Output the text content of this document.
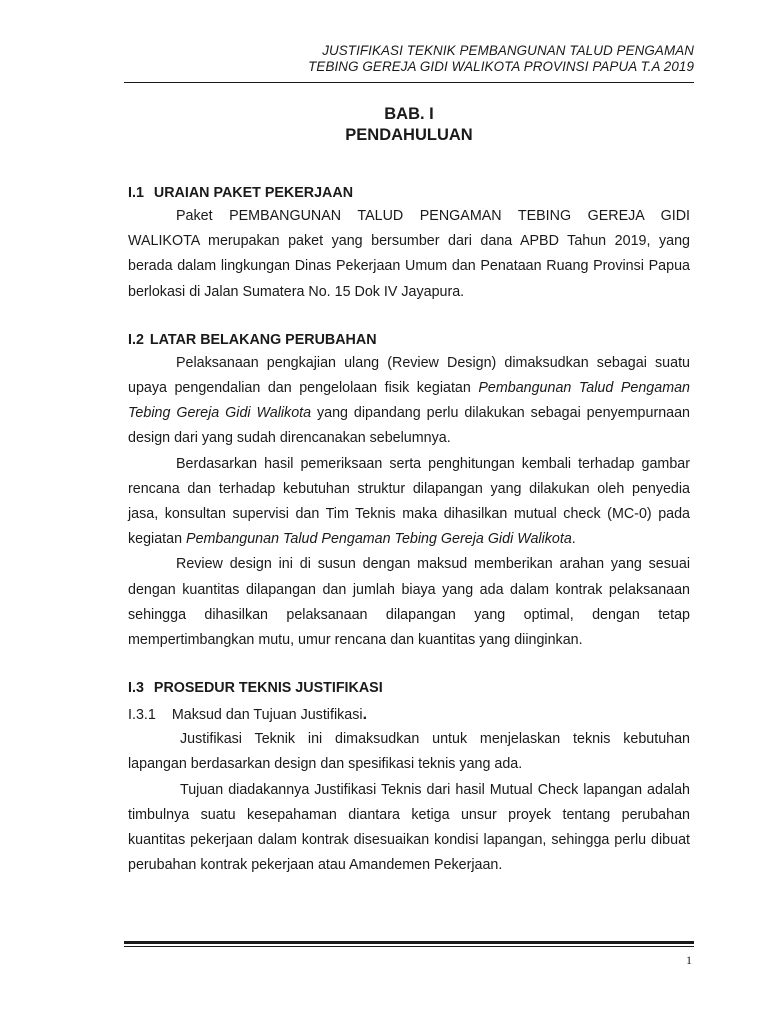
JUSTIFIKASI TEKNIK PEMBANGUNAN TALUD PENGAMAN
TEBING GEREJA GIDI WALIKOTA PROVINSI PAPUA T.A 2019
BAB. I
PENDAHULUAN
I.1 URAIAN PAKET PEKERJAAN

Paket PEMBANGUNAN TALUD PENGAMAN TEBING GEREJA GIDI WALIKOTA merupakan paket yang bersumber dari dana APBD Tahun 2019, yang berada dalam lingkungan Dinas Pekerjaan Umum dan Penataan Ruang Provinsi Papua berlokasi di Jalan Sumatera No. 15 Dok IV Jayapura.

I.2 LATAR BELAKANG PERUBAHAN

Pelaksanaan pengkajian ulang (Review Design) dimaksudkan sebagai suatu upaya pengendalian dan pengelolaan fisik kegiatan Pembangunan Talud Pengaman Tebing Gereja Gidi Walikota yang dipandang perlu dilakukan sebagai penyempurnaan design dari yang sudah direncanakan sebelumnya.

Berdasarkan hasil pemeriksaan serta penghitungan kembali terhadap gambar rencana dan terhadap kebutuhan struktur dilapangan yang dilakukan oleh penyedia jasa, konsultan supervisi dan Tim Teknis maka dihasilkan mutual check (MC-0) pada kegiatan Pembangunan Talud Pengaman Tebing Gereja Gidi Walikota.

Review design ini di susun dengan maksud memberikan arahan yang sesuai dengan kuantitas dilapangan dan jumlah biaya yang ada dalam kontrak pelaksanaan sehingga dihasilkan pelaksanaan dilapangan yang optimal, dengan tetap mempertimbangkan mutu, umur rencana dan kuantitas yang diinginkan.

I.3 PROSEDUR TEKNIS JUSTIFIKASI
I.3.1 Maksud dan Tujuan Justifikasi.

Justifikasi Teknik ini dimaksudkan untuk menjelaskan teknis kebutuhan lapangan berdasarkan design dan spesifikasi teknis yang ada.

Tujuan diadakannya Justifikasi Teknis dari hasil Mutual Check lapangan adalah timbulnya suatu kesepahaman diantara ketiga unsur proyek tentang perubahan kuantitas pekerjaan dalam kontrak disesuaikan kondisi lapangan, sehingga perlu dibuat perubahan kontrak pekerjaan atau Amandemen Pekerjaan.

1
